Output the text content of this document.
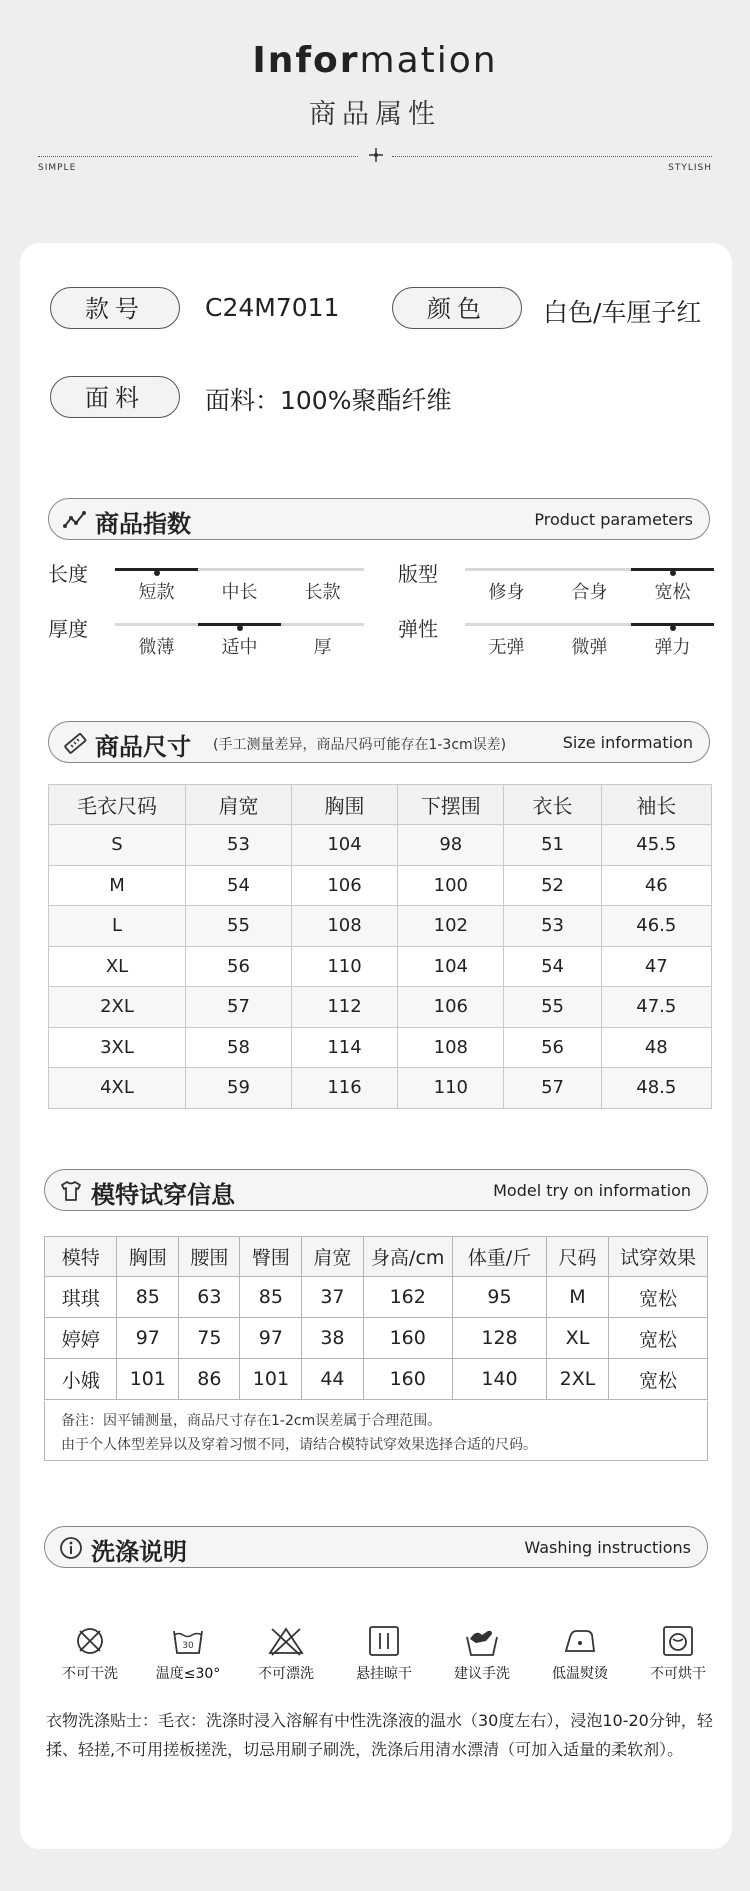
Information
商品属性
SIMPLE	STYLISH
款号	C24M7011	颜色	白色/车厘子红
面料	面料：100%聚酯纤维
商品指数	Product parameters
商品尺寸 (手工测量差异，商品尺码可能存在1-3cm误差)	Size information
毛衣尺码	肩宽	胸围	下摆围	衣长	袖长
S	53	104	98	51	45.5
M	54	106	100	52	46
L	55	108	102	53	46.5
XL	56	110	104	54	47
2XL	57	112	106	55	47.5
3XL	58	114	108	56	48
4XL	59	116	110	57	48.5
模特试穿信息	Model try on information
模特	胸围	腰围	臀围	肩宽	身高/cm	体重/斤	尺码	试穿效果
琪琪	85	63	85	37	162	95	M	宽松
婷婷	97	75	97	38	160	128	XL	宽松
小娥	101	86	101	44	160	140	2XL	宽松
备注：因平铺测量，商品尺寸存在1-2cm误差属于合理范围。
由于个人体型差异以及穿着习惯不同，请结合模特试穿效果选择合适的尺码。
洗涤说明	Washing instructions
长度
短款	中长	长款
版型
修身	合身	宽松
厚度
微薄	适中	厚
弹性
无弹	微弹	弹力
不可干洗
30
温度≤30°	不可漂洗	悬挂晾干	建议手洗	低温熨烫	不可烘干
衣物洗涤贴士：毛衣：洗涤时浸入溶解有中性洗涤液的温水（30度左右），浸泡10-20分钟，轻揉、轻搓,不可用搓板搓洗，切忌用刷子刷洗，洗涤后用清水漂清（可加入适量的柔软剂）。
